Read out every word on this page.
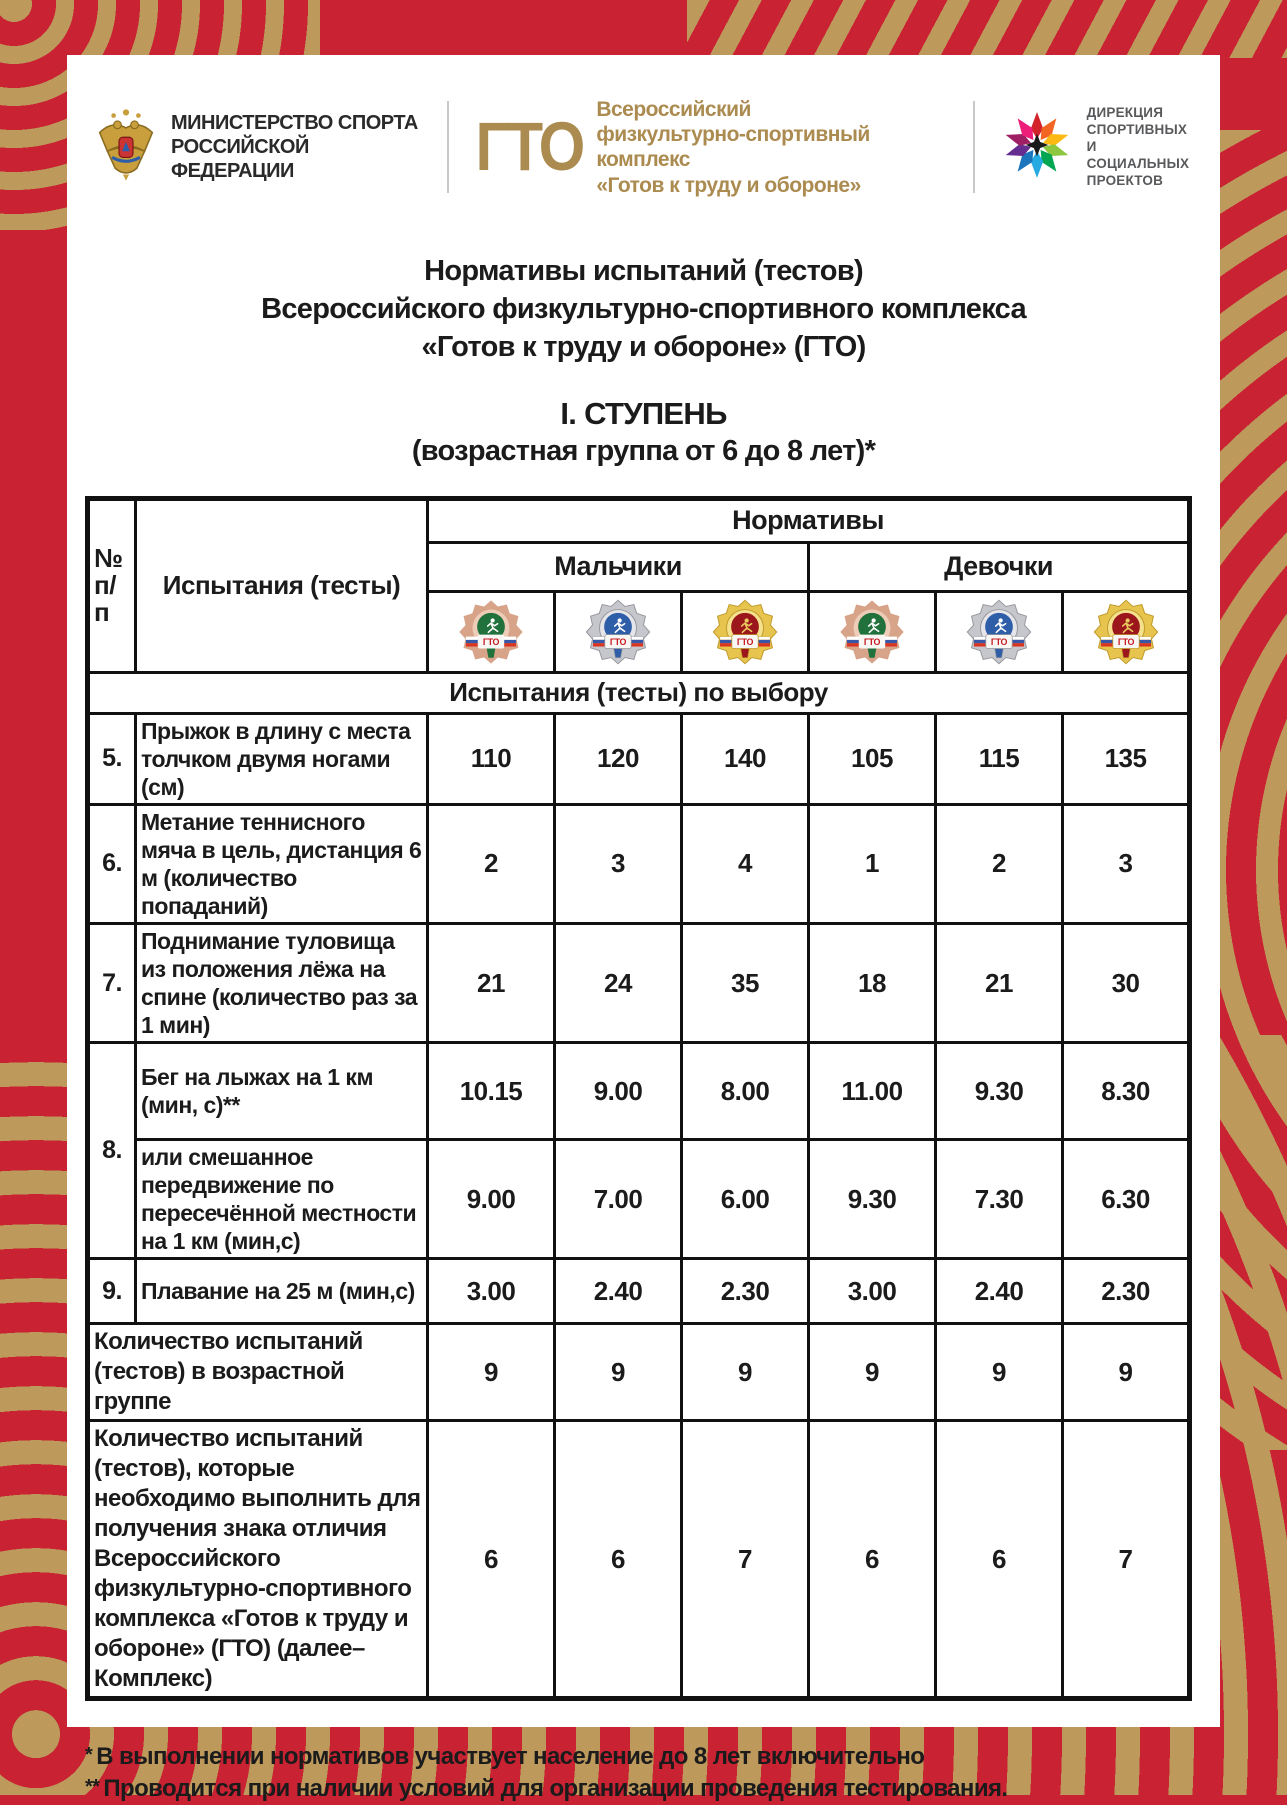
МИНИСТЕРСТВО СПОРТА
РОССИЙСКОЙ ФЕДЕРАЦИИ	ГТО Всероссийский
физкультурно-спортивный комплекс
«Готов к труду и обороне»
ДИРЕКЦИЯ
СПОРТИВНЫХ
И СОЦИАЛЬНЫХ
ПРОЕКТОВ
Нормативы испытаний (тестов)
Всероссийского физкультурно-спортивного комплекса
«Готов к труду и обороне» (ГТО)
I. СТУПЕНЬ
(возрастная группа от 6 до 8 лет)*
№
п/п	Испытания (тесты)	Нормативы					
		Мальчики			Девочки		

ГТО	ГТО	ГТО	ГТО	ГТО	ГТО

Испытания (тесты) по выбору							
5.	Прыжок в длину с места толчком двумя ногами (см)	110	120	140	105	115	135
6.	Метание теннисного мяча в цель, дистанция 6 м (количество попаданий)	2	3	4	1	2	3
7.	Поднимание туловища из положения лёжа на спине (количество раз за 1 мин)	21	24	35	18	21	30
8.	Бег на лыжах на 1 км (мин, с)**	10.15	9.00	8.00	11.00	9.30	8.30
	или смешанное передвижение по пересечённой местности на 1 км (мин,с)	9.00	7.00	6.00	9.30	7.30	6.30
9.	Плавание на 25 м (мин,с)	3.00	2.40	2.30	3.00	2.40	2.30
Количество испытаний (тестов) в возрастной группе		9	9	9	9	9	9
Количество испытаний (тестов), которые необходимо выполнить для получения знака отличия Всероссийского физкультурно-спортивного комплекса «Готов к труду и обороне» (ГТО) (далее–Комплекс)		6	6	7	6	6	7
* В выполнении нормативов участвует население до 8 лет включительно
** Проводится при наличии условий для организации проведения тестирования.
